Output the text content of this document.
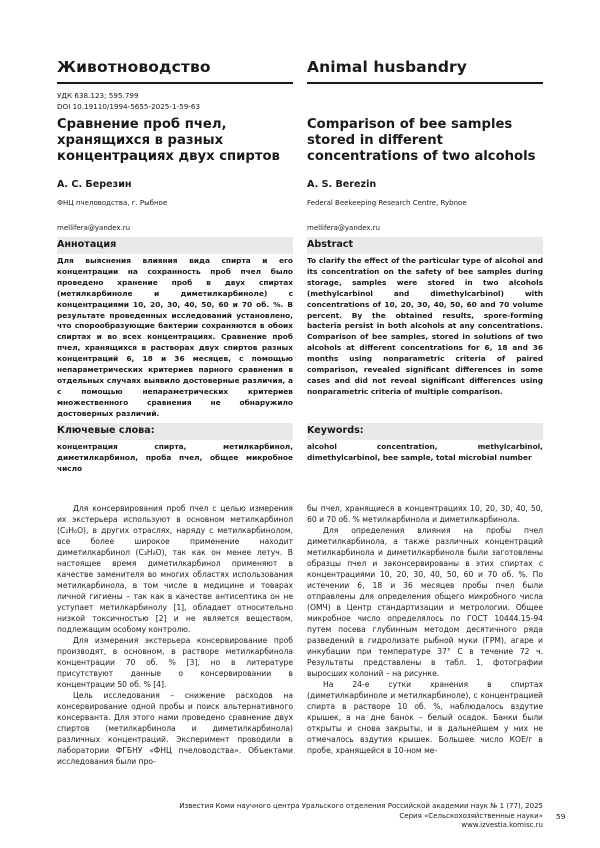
Животноводство
УДК 638.123; 595.799
DOI 10.19110/1994-5655-2025-1-59-63
Сравнение проб пчел, хранящихся в разных концентрациях двух спиртов
А. С. Березин
ФНЦ пчеловодства, г. Рыбное
mellifera@yandex.ru
Аннотация
Для выяснения влияния вида спирта и его концентрации на сохранность проб пчел было проведено хранение проб в двух спиртах (метилкарбиноле и диметилкарбиноле) с концентрациями 10, 20, 30, 40, 50, 60 и 70 об. %. В результате проведенных исследований установлено, что спорообразующие бактерии сохраняются в обоих спиртах и во всех концентрациях. Сравнение проб пчел, хранящихся в растворах двух спиртов разных концентраций 6, 18 и 36 месяцев, с помощью непараметрических критериев парного сравнения в отдельных случаях выявило достоверные различия, а с помощью непараметрических критериев множественного сравнения не обнаружило достоверных различий.
Ключевые слова:
концентрация спирта, метилкарбинол, диметилкарбинол, проба пчел, общее микробное число
Animal husbandry
Comparison of bee samples stored in different concentrations of two alcohols
A. S. Berezin
Federal Beekeeping Research Centre, Rybnoe
mellifera@yandex.ru
Abstract
To clarify the effect of the particular type of alcohol and its concentration on the safety of bee samples during storage, samples were stored in two alcohols (methylcarbinol and dimethylcarbinol) with concentrations of 10, 20, 30, 40, 50, 60 and 70 volume percent. By the obtained results, spore-forming bacteria persist in both alcohols at any concentrations. Comparison of bee samples, stored in solutions of two alcohols at different concentrations for 6, 18 and 36 months using nonparametric criteria of paired comparison, revealed significant differences in some cases and did not reveal significant differences using nonparametric criteria of multiple comparison.
Keywords:
alcohol concentration, methylcarbinol, dimethylcarbinol, bee sample, total microbial number

Для консервирования проб пчел с целью измерения их экстерьера используют в основном метилкарбинол (C₂H₆O), в других отраслях, наряду с метилкарбинолом, все более широкое применение находит диметилкарбинол (C₃H₈O), так как он менее летуч. В настоящее время диметилкарбинол применяют в качестве заменителя во многих областях использования метилкарбинола, в том числе в медицине и товарах личной гигиены – так как в качестве антисептика он не уступает метилкарбинолу [1], обладает относительно низкой токсичностью [2] и не является веществом, подлежащим особому контролю.

Для измерения экстерьера консервирование проб производят, в основном, в растворе метилкарбинола концентрации 70 об. % [3], но в литературе присутствуют данные о консервировании в концентрации 50 об. % [4].

Цель исследования – снижение расходов на консервирование одной пробы и поиск альтернативного консерванта. Для этого нами проведено сравнение двух спиртов (метилкарбинола и диметилкарбинола) различных концентраций. Эксперимент проводили в лаборатории ФГБНУ «ФНЦ пчеловодства». Объектами исследования были про-

бы пчел, хранящиеся в концентрациях 10, 20, 30, 40, 50, 60 и 70 об. % метилкарбинола и диметилкарбинола.

Для определения влияния на пробы пчел диметилкарбинола, а также различных концентраций метилкарбинола и диметилкарбинола были заготовлены образцы пчел и законсервированы в этих спиртах с концентрациями 10, 20, 30, 40, 50, 60 и 70 об. %. По истечении 6, 18 и 36 месяцев пробы пчел были отправлены для определения общего микробного числа (ОМЧ) в Центр стандартизации и метрологии. Общее микробное число определялось по ГОСТ 10444.15-94 путем посева глубинным методом десятичного ряда разведений в гидролизате рыбной муки (ГРМ), агаре и инкубации при температуре 37° С в течение 72 ч. Результаты представлены в табл. 1, фотографии выросших колоний – на рисунке.

На 24-е сутки хранения в спиртах (диметилкарбиноле и метилкарбиноле), с концентрацией спирта в растворе 10 об. %, наблюдалось вздутие крышек, а на дне банок – белый осадок. Банки были открыты и снова закрыты, и в дальнейшем у них не отмечалось вздутия крышек. Большее число КОЕ/г в пробе, хранящейся в 10-ном ме-

Известия Коми научного центра Уральского отделения Российской академии наук № 1 (77), 2025
Серия «Сельскохозяйственные науки»
www.izvestia.komisc.ru
59
